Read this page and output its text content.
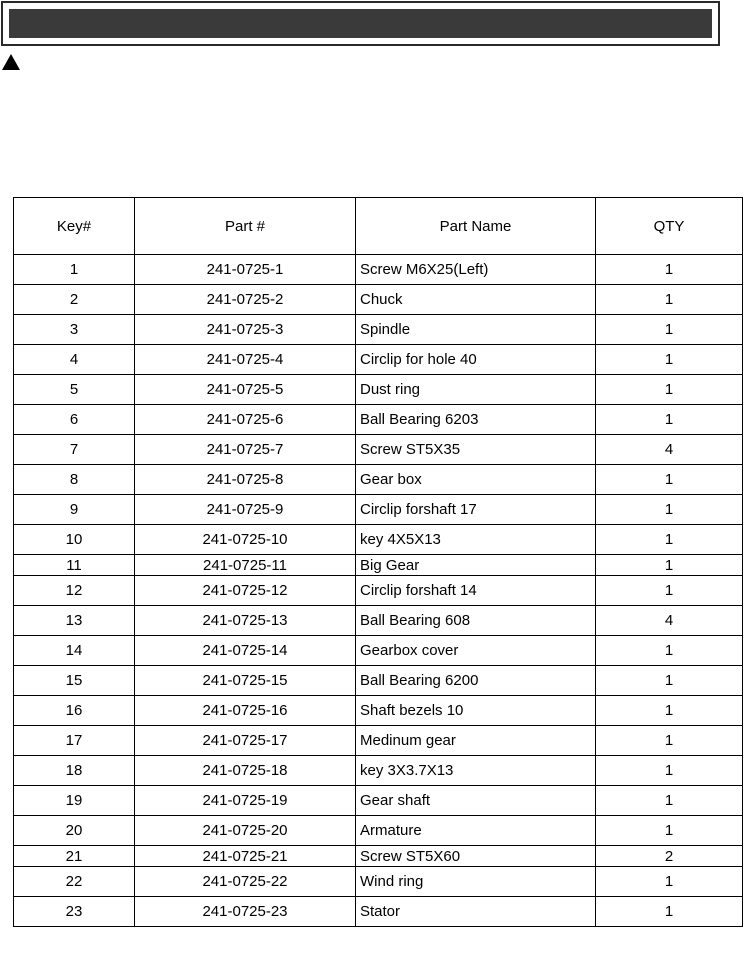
Key#	Part #	Part Name	QTY
1	241-0725-1	Screw M6X25(Left)	1
2	241-0725-2	Chuck	1
3	241-0725-3	Spindle	1
4	241-0725-4	Circlip for hole 40	1
5	241-0725-5	Dust ring	1
6	241-0725-6	Ball Bearing 6203	1
7	241-0725-7	Screw ST5X35	4
8	241-0725-8	Gear box	1
9	241-0725-9	Circlip forshaft 17	1
10	241-0725-10	key 4X5X13	1
11	241-0725-11	Big Gear	1
12	241-0725-12	Circlip forshaft 14	1
13	241-0725-13	Ball Bearing 608	4
14	241-0725-14	Gearbox cover	1
15	241-0725-15	Ball Bearing 6200	1
16	241-0725-16	Shaft bezels 10	1
17	241-0725-17	Medinum gear	1
18	241-0725-18	key 3X3.7X13	1
19	241-0725-19	Gear shaft	1
20	241-0725-20	Armature	1
21	241-0725-21	Screw ST5X60	2
22	241-0725-22	Wind ring	1
23	241-0725-23	Stator	1
